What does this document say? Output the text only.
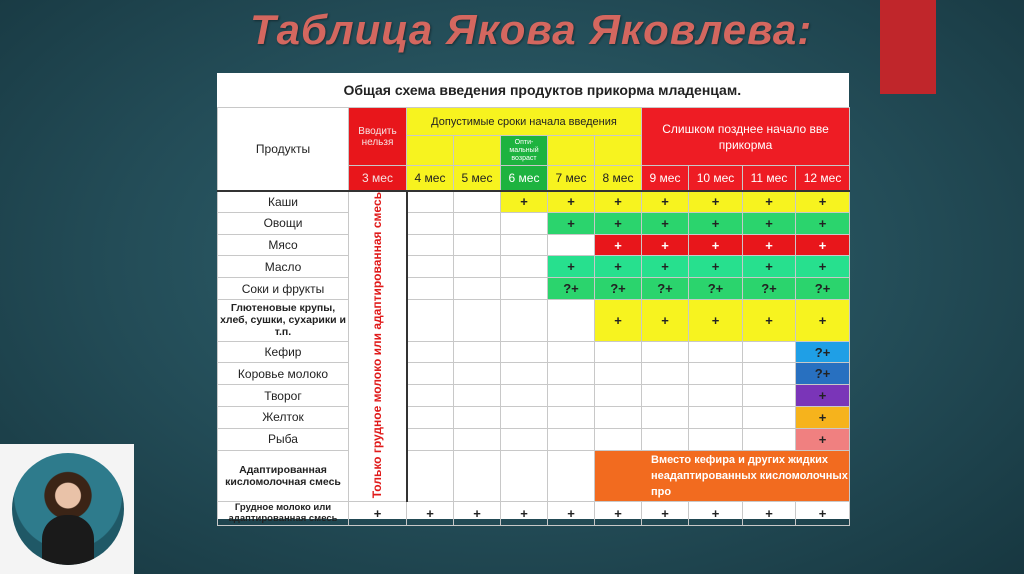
Таблица Якова Яковлева:
Общая схема введения продуктов прикорма младенцам.										
Продукты	Вводить нельзя	Допустимые сроки начала введения					Слишком позднее начало вве прикорма			
				Опти-мальный возраст						
	3 мес	4 мес	5 мес	6 мес	7 мес	8 мес	9 мес	10 мес	11 мес	12 мес
Каши	Только грудное молоко или адаптированная смесь			+	+	+	+	+	+	+
Овощи					+	+	+	+	+	+
Мясо						+	+	+	+	+
Масло					+	+	+	+	+	+
Соки и фрукты					?+	?+	?+	?+	?+	?+
Глютеновые крупы, хлеб, сушки, сухарики и т.п.						+	+	+	+	+
Кефир										?+
Коровье молоко										?+
Творог										+
Желток										+
Рыба										+
Адаптированная кисломолочная смесь						Вместо кефира и других жидких неадаптированных кисломолочных про				
Грудное молоко или адаптированная смесь	+	+	+	+	+	+	+	+	+	+
